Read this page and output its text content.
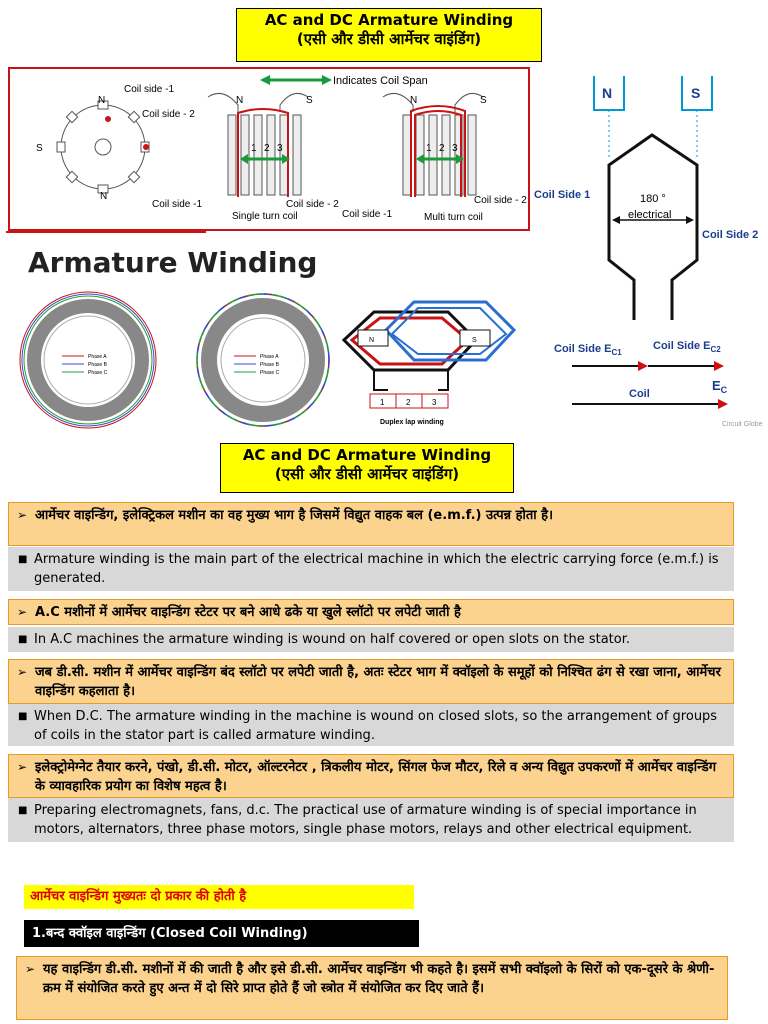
AC and DC Armature Winding
(एसी और डीसी आर्मेचर वाइंडिंग)
Indicates Coil Span
N
S
N
Coil side -1
Coil side - 2
N	S
1 2 3
Coil side -1	Coil side - 2
Single turn coil
N	S
1 2 3
Coil side -1
Coil side - 2
Multi turn coil
N	S
180 °
electrical
Coil Side 1
Coil Side 2
Coil Side $E_{C1}$
Coil Side $E_{C2}$
Coil
$E_C$
Circuit Globe
Armature Winding
Phase A
Phase B
Phase C
Phase A
Phase B
Phase C
N	S
1	2	3
Duplex lap winding
AC and DC Armature Winding
(एसी और डीसी आर्मेचर वाइंडिंग)
➢ आर्मेचर वाइन्डिंग, इलेक्ट्रिकल मशीन का वह मुख्य भाग है जिसमें विद्युत वाहक बल (e.m.f.) उत्पन्न होता है।
■ Armature winding is the main part of the electrical machine in which the electric carrying force (e.m.f.) is generated.
➢ A.C मशीनों में आर्मेचर वाइन्डिंग स्टेटर पर बने आधे ढके या खुले स्लॉटो पर लपेटी जाती है
■ In A.C machines the armature winding is wound on half covered or open slots on the stator.
➢ जब डी.सी. मशीन में आर्मेचर वाइन्डिंग बंद स्लॉटो पर लपेटी जाती है, अतः स्टेटर भाग में क्वॉइलो के समूहों को निश्चित ढंग से रखा जाना, आर्मेचर वाइन्डिंग कहलाता है।
■ When D.C. The armature winding in the machine is wound on closed slots, so the arrangement of groups of coils in the stator part is called armature winding.
➢ इलेक्ट्रोमेग्नेट तैयार करने, पंखो, डी.सी. मोटर, ऑल्टरनेटर , त्रिकलीय मोटर, सिंगल फेज मौटर, रिले व अन्य विद्युत उपकरणों में आर्मेचर वाइन्डिंग के व्यावहारिक प्रयोग का विशेष महत्व है।
■ Preparing electromagnets, fans, d.c. The practical use of armature winding is of special importance in motors, alternators, three phase motors, single phase motors, relays and other electrical equipment.
आर्मेचर वाइन्डिंग मुख्यतः दो प्रकार की होती है
1.बन्द क्वॉइल वाइन्डिंग (Closed Coil Winding)
➢ यह वाइन्डिंग डी.सी. मशीनों में की जाती है और इसे डी.सी. आर्मेचर वाइन्डिंग भी कहते है। इसमें सभी क्वॉइलो के सिरों को एक-दूसरे के श्रेणी-क्रम में संयोजित करते हुए अन्त में दो सिरे प्राप्त होते हैं जो स्त्रोत में संयोजित कर दिए जाते हैं।
